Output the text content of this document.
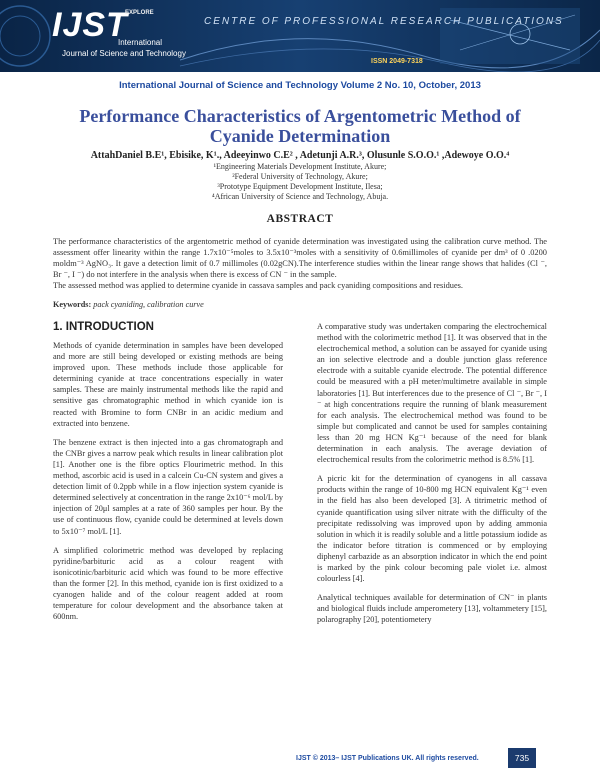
IJST
EXPLORE
International
Journal of Science and Technology
CENTRE OF PROFESSIONAL RESEARCH PUBLICATIONS
ISSN 2049-7318
International Journal of Science and Technology Volume 2 No. 10, October, 2013
Performance Characteristics of Argentometric Method of
Cyanide Determination
AttahDaniel B.E¹, Ebisike, K¹., Adeeyinwo C.E² , Adetunji A.R.³, Olusunle S.O.O.¹ ,Adewoye O.O.⁴
¹Engineering Materials Development Institute, Akure;
²Federal University of Technology, Akure;
³Prototype Equipment Development Institute, Ilesa;
⁴African University of Science and Technology, Abuja.
ABSTRACT
The performance characteristics of the argentometric method of cyanide determination was investigated using the calibration curve method. The assessment offer linearity within the range 1.7x10⁻⁵moles to 3.5x10⁻³moles with a sensitivity of 0.6millimoles of cyanide per dm³ of 0 .0200 moldm⁻³ AgNO₃. It gave a detection limit of 0.7 millimoles (0.02gCN).The interference studies within the linear range shows that halides (Cl ⁻, Br ⁻, I ⁻) do not interfere in the analysis when there is excess of CN ⁻ in the sample.
The assessed method was applied to determine cyanide in cassava samples and pack cyaniding compositions and residues.
Keywords: pack cyaniding, calibration curve
1. INTRODUCTION

Methods of cyanide determination in samples have been developed and more are still being developed or existing methods are being improved upon. These methods include those applicable for determining cyanide at trace concentrations especially in water samples. These are mainly instrumental methods like the rapid and sensitive gas chromatographic method in which cyanide ion is reacted with Bromine to form CNBr in an acidic medium and extracted into benzene.

The benzene extract is then injected into a gas chromatograph and the CNBr gives a narrow peak which results in linear calibration plot [1]. Another one is the fibre optics Flourimetric method. In this method, ascorbic acid is used in a calcein Cu-CN system and gives a detection limit of 0.2ppb while in a flow injection system cyanide is determined selectively at concentration in the range 2x10⁻⁶ mol/L by injection of 20μl samples at a rate of 360 samples per hour. By the use of continuous flow, cyanide could be determined at levels down to 5x10⁻⁷ mol/L [1].

A simplified colorimetric method was developed by replacing pyridine/barbituric acid as a colour reagent with isonicotinic/barbituric acid which was found to be more effective than the former [2]. In this method, cyanide ion is first oxidized to a cyanogen halide and of the colour reagent added at room temperature for colour development and the absorbance taken at 600nm.

A comparative study was undertaken comparing the electrochemical method with the colorimetric method [1]. It was observed that in the electrochemical method, a solution can be assayed for cyanide using an ion selective electrode and a double junction glass reference electrode with a suitable cyanide electrode. The potential difference could be measured with a pH meter/multimetre available in simple laboratories [1]. But interferences due to the presence of Cl ⁻, Br ⁻, I ⁻ at high concentrations require the running of blank measurement for each analysis. The electrochemical method was found to be simple but complicated and cannot be used for samples containing less than 20 mg HCN Kg⁻¹ because of the need for blank determination in each analysis. The average deviation of electrochemical results from the colorimetric method is 8.5% [1].

A picric kit for the determination of cyanogens in all cassava products within the range of 10-800 mg HCN equivalent Kg⁻¹ even in the field has also been developed [3]. A titrimetric method of cyanide quantification using silver nitrate with the difficulty of the precipitate redissolving was improved upon by adding ammonia solution in which it is readily soluble and a little potassium iodide as the indicator before titration is commenced or by employing diphenyl carbazide as an absorption indicator in which the end point is marked by the pink colour becoming pale violet i.e. almost colourless [4].

Analytical techniques available for determination of CN⁻ in plants and biological fluids include amperometery [13], voltammetery [15], polarography [20], potentiometery

IJST © 2013– IJST Publications UK. All rights reserved.	735
